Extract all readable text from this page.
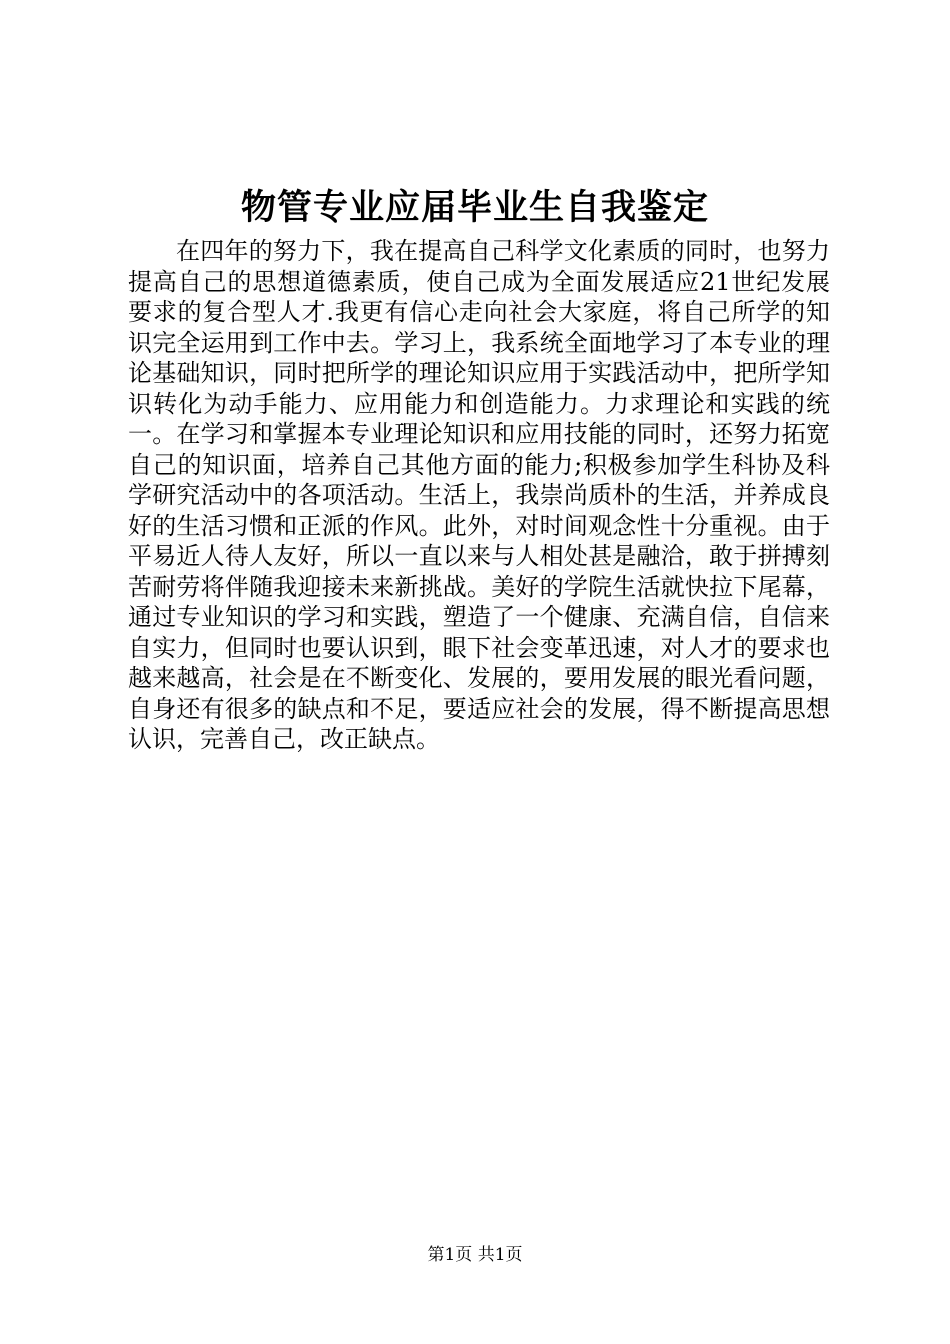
物管专业应届毕业生自我鉴定

在四年的努力下，我在提高自己科学文化素质的同时，也努力提高自己的思想道德素质，使自己成为全面发展适应21世纪发展要求的复合型人才.我更有信心走向社会大家庭，将自己所学的知识完全运用到工作中去。学习上，我系统全面地学习了本专业的理论基础知识，同时把所学的理论知识应用于实践活动中，把所学知识转化为动手能力、应用能力和创造能力。力求理论和实践的统一。在学习和掌握本专业理论知识和应用技能的同时，还努力拓宽自己的知识面，培养自己其他方面的能力;积极参加学生科协及科学研究活动中的各项活动。生活上，我崇尚质朴的生活，并养成良好的生活习惯和正派的作风。此外，对时间观念性十分重视。由于平易近人待人友好，所以一直以来与人相处甚是融洽，敢于拼搏刻苦耐劳将伴随我迎接未来新挑战。美好的学院生活就快拉下尾幕，通过专业知识的学习和实践，塑造了一个健康、充满自信，自信来自实力，但同时也要认识到，眼下社会变革迅速，对人才的要求也越来越高，社会是在不断变化、发展的，要用发展的眼光看问题，自身还有很多的缺点和不足，要适应社会的发展，得不断提高思想认识，完善自己，改正缺点。

第1页 共1页
